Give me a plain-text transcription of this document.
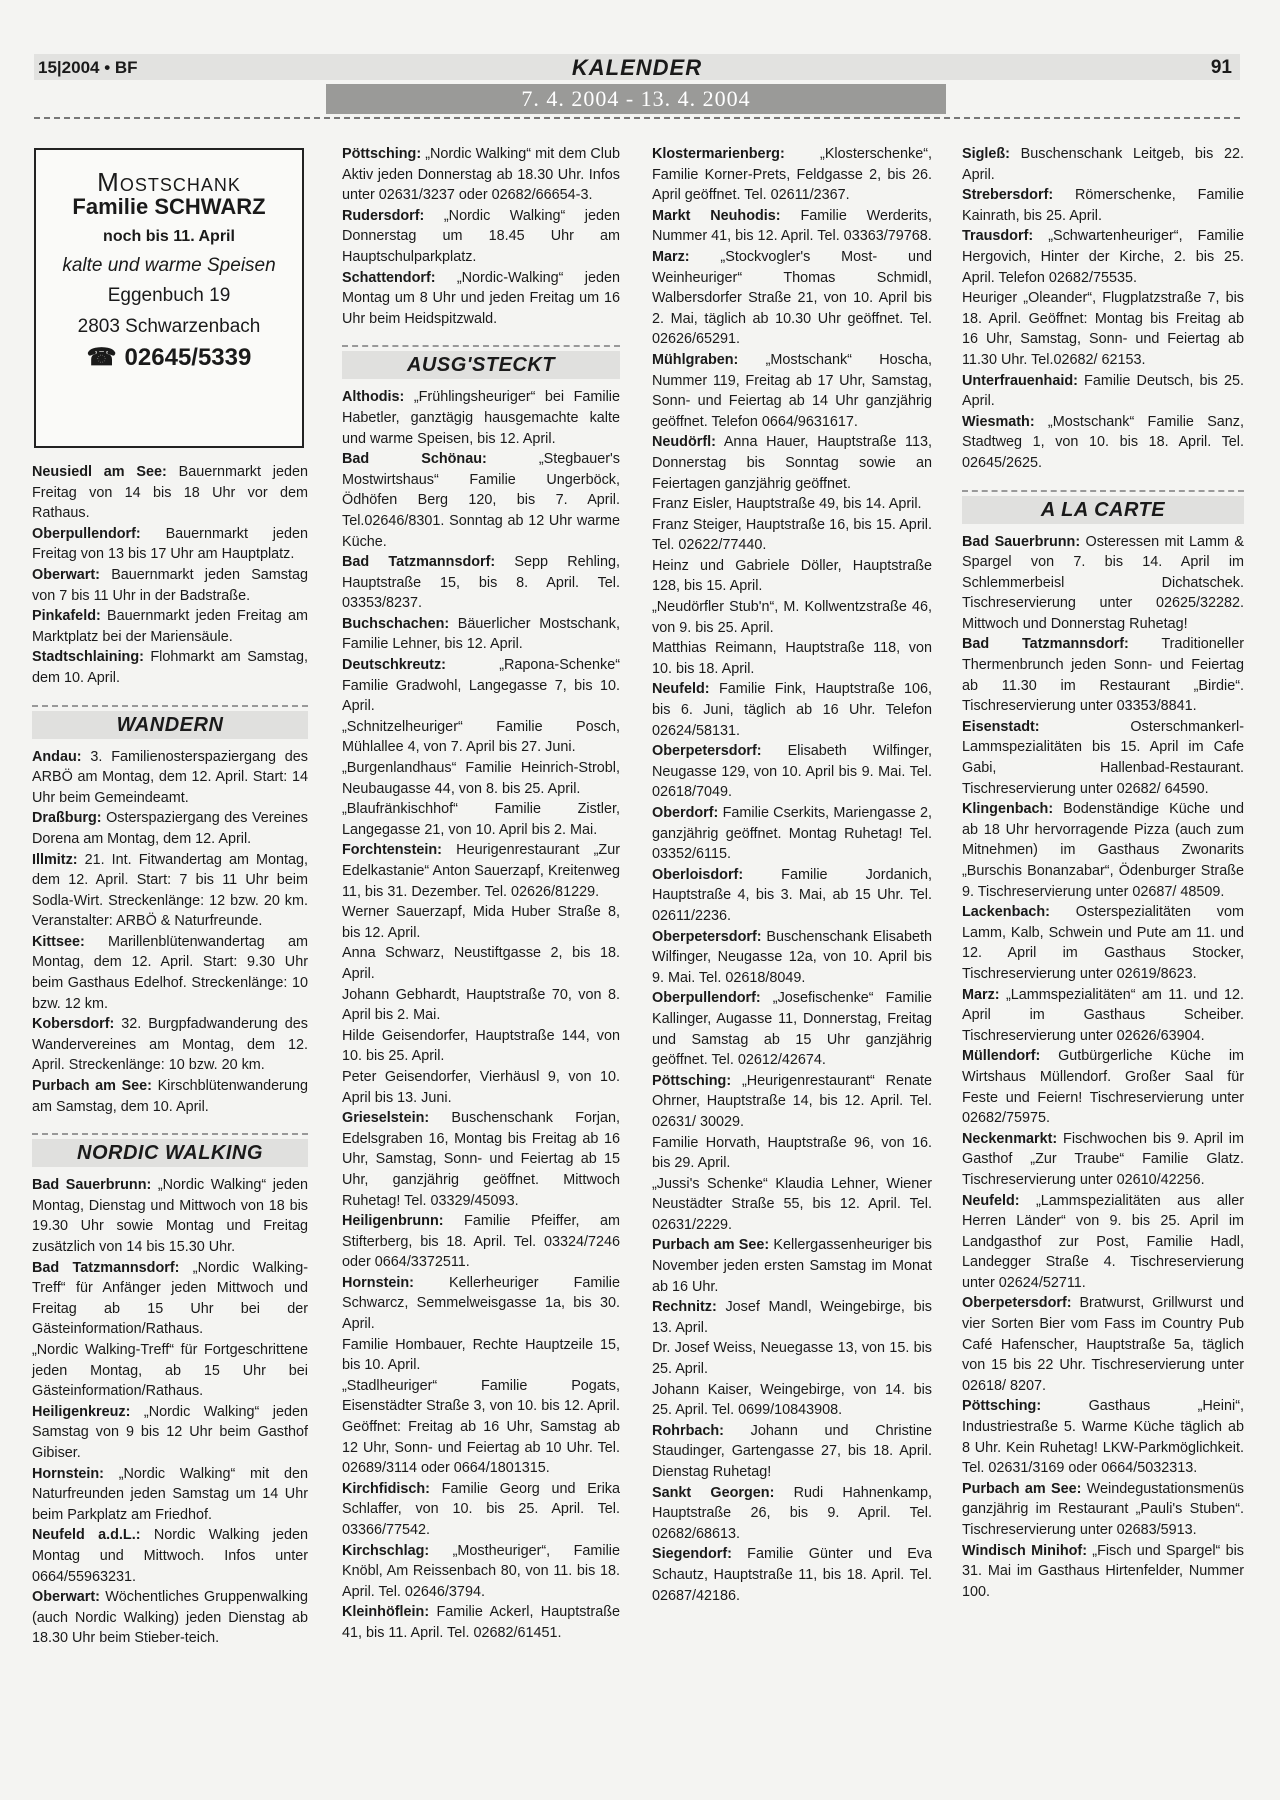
15|2004 • BF	KALENDER	91
7. 4. 2004 - 13. 4. 2004
Mostschank
Familie SCHWARZ
noch bis 11. April
kalte und warme Speisen
Eggenbuch 19
2803 Schwarzenbach
☎ 02645/5339

Neusiedl am See: Bauernmarkt jeden Freitag von 14 bis 18 Uhr vor dem Rathaus.

Oberpullendorf: Bauernmarkt jeden Freitag von 13 bis 17 Uhr am Hauptplatz.

Oberwart: Bauernmarkt jeden Samstag von 7 bis 11 Uhr in der Badstraße.

Pinkafeld: Bauernmarkt jeden Freitag am Marktplatz bei der Mariensäule.

Stadtschlaining: Flohmarkt am Samstag, dem 10. April.

WANDERN

Andau: 3. Familienosterspaziergang des ARBÖ am Montag, dem 12. April. Start: 14 Uhr beim Gemeindeamt.

Draßburg: Osterspaziergang des Vereines Dorena am Montag, dem 12. April.

Illmitz: 21. Int. Fitwandertag am Montag, dem 12. April. Start: 7 bis 11 Uhr beim Sodla-Wirt. Streckenlänge: 12 bzw. 20 km. Veranstalter: ARBÖ & Naturfreunde.

Kittsee: Marillenblütenwandertag am Montag, dem 12. April. Start: 9.30 Uhr beim Gasthaus Edelhof. Streckenlänge: 10 bzw. 12 km.

Kobersdorf: 32. Burgpfadwanderung des Wandervereines am Montag, dem 12. April. Streckenlänge: 10 bzw. 20 km.

Purbach am See: Kirschblütenwanderung am Samstag, dem 10. April.

NORDIC WALKING

Bad Sauerbrunn: „Nordic Walking“ jeden Montag, Dienstag und Mittwoch von 18 bis 19.30 Uhr sowie Montag und Freitag zusätzlich von 14 bis 15.30 Uhr.

Bad Tatzmannsdorf: „Nordic Walking-Treff“ für Anfänger jeden Mittwoch und Freitag ab 15 Uhr bei der Gästeinformation/Rathaus.

„Nordic Walking-Treff“ für Fortgeschrittene jeden Montag, ab 15 Uhr bei Gästeinformation/Rathaus.

Heiligenkreuz: „Nordic Walking“ jeden Samstag von 9 bis 12 Uhr beim Gasthof Gibiser.

Hornstein: „Nordic Walking“ mit den Naturfreunden jeden Samstag um 14 Uhr beim Parkplatz am Friedhof.

Neufeld a.d.L.: Nordic Walking jeden Montag und Mittwoch. Infos unter 0664/55963231.

Oberwart: Wöchentliches Gruppenwalking (auch Nordic Walking) jeden Dienstag ab 18.30 Uhr beim Stieber-teich.

Pöttsching: „Nordic Walking“ mit dem Club Aktiv jeden Donnerstag ab 18.30 Uhr. Infos unter 02631/3237 oder 02682/66654-3.

Rudersdorf: „Nordic Walking“ jeden Donnerstag um 18.45 Uhr am Hauptschulparkplatz.

Schattendorf: „Nordic-Walking“ jeden Montag um 8 Uhr und jeden Freitag um 16 Uhr beim Heidspitzwald.

AUSG'STECKT

Althodis: „Frühlingsheuriger“ bei Familie Habetler, ganztägig hausgemachte kalte und warme Speisen, bis 12. April.

Bad Schönau: „Stegbauer's Mostwirtshaus“ Familie Ungerböck, Ödhöfen Berg 120, bis 7. April. Tel.02646/8301. Sonntag ab 12 Uhr warme Küche.

Bad Tatzmannsdorf: Sepp Rehling, Hauptstraße 15, bis 8. April. Tel. 03353/8237.

Buchschachen: Bäuerlicher Mostschank, Familie Lehner, bis 12. April.

Deutschkreutz: „Rapona-Schenke“ Familie Gradwohl, Langegasse 7, bis 10. April.

„Schnitzelheuriger“ Familie Posch, Mühlallee 4, von 7. April bis 27. Juni.

„Burgenlandhaus“ Familie Heinrich-Strobl, Neubaugasse 44, von 8. bis 25. April.

„Blaufränkischhof“ Familie Zistler, Langegasse 21, von 10. April bis 2. Mai.

Forchtenstein: Heurigenrestaurant „Zur Edelkastanie“ Anton Sauerzapf, Kreitenweg 11, bis 31. Dezember. Tel. 02626/81229.

Werner Sauerzapf, Mida Huber Straße 8, bis 12. April.

Anna Schwarz, Neustiftgasse 2, bis 18. April.

Johann Gebhardt, Hauptstraße 70, von 8. April bis 2. Mai.

Hilde Geisendorfer, Hauptstraße 144, von 10. bis 25. April.

Peter Geisendorfer, Vierhäusl 9, von 10. April bis 13. Juni.

Grieselstein: Buschenschank Forjan, Edelsgraben 16, Montag bis Freitag ab 16 Uhr, Samstag, Sonn- und Feiertag ab 15 Uhr, ganzjährig geöffnet. Mittwoch Ruhetag! Tel. 03329/45093.

Heiligenbrunn: Familie Pfeiffer, am Stifterberg, bis 18. April. Tel. 03324/7246 oder 0664/3372511.

Hornstein: Kellerheuriger Familie Schwarcz, Semmelweisgasse 1a, bis 30. April.

Familie Hombauer, Rechte Hauptzeile 15, bis 10. April.

„Stadlheuriger“ Familie Pogats, Eisenstädter Straße 3, von 10. bis 12. April. Geöffnet: Freitag ab 16 Uhr, Samstag ab 12 Uhr, Sonn- und Feiertag ab 10 Uhr. Tel. 02689/3114 oder 0664/1801315.

Kirchfidisch: Familie Georg und Erika Schlaffer, von 10. bis 25. April. Tel. 03366/77542.

Kirchschlag: „Mostheuriger“, Familie Knöbl, Am Reissenbach 80, von 11. bis 18. April. Tel. 02646/3794.

Kleinhöflein: Familie Ackerl, Hauptstraße 41, bis 11. April. Tel. 02682/61451.

Klostermarienberg: „Klosterschenke“, Familie Korner-Prets, Feldgasse 2, bis 26. April geöffnet. Tel. 02611/2367.

Markt Neuhodis: Familie Werderits, Nummer 41, bis 12. April. Tel. 03363/79768.

Marz: „Stockvogler's Most- und Weinheuriger“ Thomas Schmidl, Walbersdorfer Straße 21, von 10. April bis 2. Mai, täglich ab 10.30 Uhr geöffnet. Tel. 02626/65291.

Mühlgraben: „Mostschank“ Hoscha, Nummer 119, Freitag ab 17 Uhr, Samstag, Sonn- und Feiertag ab 14 Uhr ganzjährig geöffnet. Telefon 0664/9631617.

Neudörfl: Anna Hauer, Hauptstraße 113, Donnerstag bis Sonntag sowie an Feiertagen ganzjährig geöffnet.

Franz Eisler, Hauptstraße 49, bis 14. April.

Franz Steiger, Hauptstraße 16, bis 15. April. Tel. 02622/77440.

Heinz und Gabriele Döller, Hauptstraße 128, bis 15. April.

„Neudörfler Stub'n“, M. Kollwentzstraße 46, von 9. bis 25. April.

Matthias Reimann, Hauptstraße 118, von 10. bis 18. April.

Neufeld: Familie Fink, Hauptstraße 106, bis 6. Juni, täglich ab 16 Uhr. Telefon 02624/58131.

Oberpetersdorf: Elisabeth Wilfinger, Neugasse 129, von 10. April bis 9. Mai. Tel. 02618/7049.

Oberdorf: Familie Cserkits, Mariengasse 2, ganzjährig geöffnet. Montag Ruhetag! Tel. 03352/6115.

Oberloisdorf: Familie Jordanich, Hauptstraße 4, bis 3. Mai, ab 15 Uhr. Tel. 02611/2236.

Oberpetersdorf: Buschenschank Elisabeth Wilfinger, Neugasse 12a, von 10. April bis 9. Mai. Tel. 02618/8049.

Oberpullendorf: „Josefischenke“ Familie Kallinger, Augasse 11, Donnerstag, Freitag und Samstag ab 15 Uhr ganzjährig geöffnet. Tel. 02612/42674.

Pöttsching: „Heurigenrestaurant“ Renate Ohrner, Hauptstraße 14, bis 12. April. Tel. 02631/ 30029.

Familie Horvath, Hauptstraße 96, von 16. bis 29. April.

„Jussi's Schenke“ Klaudia Lehner, Wiener Neustädter Straße 55, bis 12. April. Tel. 02631/2229.

Purbach am See: Kellergassenheuriger bis November jeden ersten Samstag im Monat ab 16 Uhr.

Rechnitz: Josef Mandl, Weingebirge, bis 13. April.

Dr. Josef Weiss, Neuegasse 13, von 15. bis 25. April.

Johann Kaiser, Weingebirge, von 14. bis 25. April. Tel. 0699/10843908.

Rohrbach: Johann und Christine Staudinger, Gartengasse 27, bis 18. April. Dienstag Ruhetag!

Sankt Georgen: Rudi Hahnenkamp, Hauptstraße 26, bis 9. April. Tel. 02682/68613.

Siegendorf: Familie Günter und Eva Schautz, Hauptstraße 11, bis 18. April. Tel. 02687/42186.

Sigleß: Buschenschank Leitgeb, bis 22. April.

Strebersdorf: Römerschenke, Familie Kainrath, bis 25. April.

Trausdorf: „Schwartenheuriger“, Familie Hergovich, Hinter der Kirche, 2. bis 25. April. Telefon 02682/75535.

Heuriger „Oleander“, Flugplatzstraße 7, bis 18. April. Geöffnet: Montag bis Freitag ab 16 Uhr, Samstag, Sonn- und Feiertag ab 11.30 Uhr. Tel.02682/ 62153.

Unterfrauenhaid: Familie Deutsch, bis 25. April.

Wiesmath: „Mostschank“ Familie Sanz, Stadtweg 1, von 10. bis 18. April. Tel. 02645/2625.

A LA CARTE

Bad Sauerbrunn: Osteressen mit Lamm & Spargel von 7. bis 14. April im Schlemmerbeisl Dichatschek. Tischreservierung unter 02625/32282. Mittwoch und Donnerstag Ruhetag!

Bad Tatzmannsdorf: Traditioneller Thermenbrunch jeden Sonn- und Feiertag ab 11.30 im Restaurant „Birdie“. Tischreservierung unter 03353/8841.

Eisenstadt: Osterschmankerl-Lammspezialitäten bis 15. April im Cafe Gabi, Hallenbad-Restaurant. Tischreservierung unter 02682/ 64590.

Klingenbach: Bodenständige Küche und ab 18 Uhr hervorragende Pizza (auch zum Mitnehmen) im Gasthaus Zwonarits „Burschis Bonanzabar“, Ödenburger Straße 9. Tischreservierung unter 02687/ 48509.

Lackenbach: Osterspezialitäten vom Lamm, Kalb, Schwein und Pute am 11. und 12. April im Gasthaus Stocker, Tischreservierung unter 02619/8623.

Marz: „Lammspezialitäten“ am 11. und 12. April im Gasthaus Scheiber. Tischreservierung unter 02626/63904.

Müllendorf: Gutbürgerliche Küche im Wirtshaus Müllendorf. Großer Saal für Feste und Feiern! Tischreservierung unter 02682/75975.

Neckenmarkt: Fischwochen bis 9. April im Gasthof „Zur Traube“ Familie Glatz. Tischreservierung unter 02610/42256.

Neufeld: „Lammspezialitäten aus aller Herren Länder“ von 9. bis 25. April im Landgasthof zur Post, Familie Hadl, Landegger Straße 4. Tischreservierung unter 02624/52711.

Oberpetersdorf: Bratwurst, Grillwurst und vier Sorten Bier vom Fass im Country Pub Café Hafenscher, Hauptstraße 5a, täglich von 15 bis 22 Uhr. Tischreservierung unter 02618/ 8207.

Pöttsching: Gasthaus „Heini“, Industriestraße 5. Warme Küche täglich ab 8 Uhr. Kein Ruhetag! LKW-Parkmöglichkeit. Tel. 02631/3169 oder 0664/5032313.

Purbach am See: Weindegustationsmenüs ganzjährig im Restaurant „Pauli's Stuben“. Tischreservierung unter 02683/5913.

Windisch Minihof: „Fisch und Spargel“ bis 31. Mai im Gasthaus Hirtenfelder, Nummer 100.
